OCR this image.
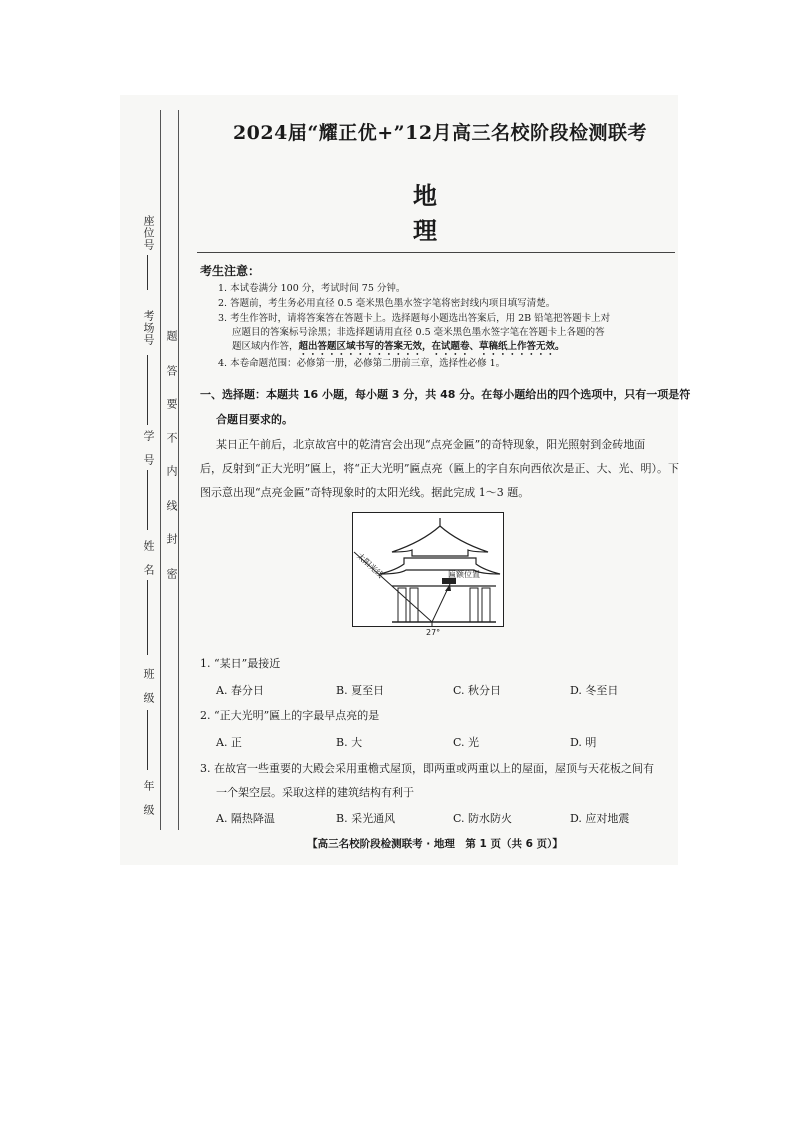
座位号
考场号
学　号
姓　名
班　级
年　级
题
答
要
不
内
线
封
密
2024届“耀正优+”12月高三名校阶段检测联考
地　理
考生注意：
1. 本试卷满分 100 分，考试时间 75 分钟。
2. 答题前，考生务必用直径 0.5 毫米黑色墨水签字笔将密封线内项目填写清楚。
3. 考生作答时，请将答案答在答题卡上。选择题每小题选出答案后，用 2B 铅笔把答题卡上对
应题目的答案标号涂黑；非选择题请用直径 0.5 毫米黑色墨水签字笔在答题卡上各题的答
题区域内作答，超出答题区域书写的答案无效，在试题卷、草稿纸上作答无效。
4. 本卷命题范围：必修第一册，必修第二册前三章，选择性必修 1。
一、选择题：本题共 16 小题，每小题 3 分，共 48 分。在每小题给出的四个选项中，只有一项是符
合题目要求的。
某日正午前后，北京故宫中的乾清宫会出现“点亮金匾”的奇特现象，阳光照射到金砖地面
后，反射到“正大光明”匾上，将“正大光明”匾点亮（匾上的字自东向西依次是正、大、光、明）。下
图示意出现“点亮金匾”奇特现象时的太阳光线。据此完成 1～3 题。
太阳光线	匾额位置
27°
1. “某日”最接近
A. 春分日	B. 夏至日	C. 秋分日	D. 冬至日
2. “正大光明”匾上的字最早点亮的是
A. 正	B. 大	C. 光	D. 明
3. 在故宫一些重要的大殿会采用重檐式屋顶，即两重或两重以上的屋面，屋顶与天花板之间有
一个架空层。采取这样的建筑结构有利于
A. 隔热降温	B. 采光通风	C. 防水防火	D. 应对地震
【高三名校阶段检测联考 · 地理　第 1 页（共 6 页）】
